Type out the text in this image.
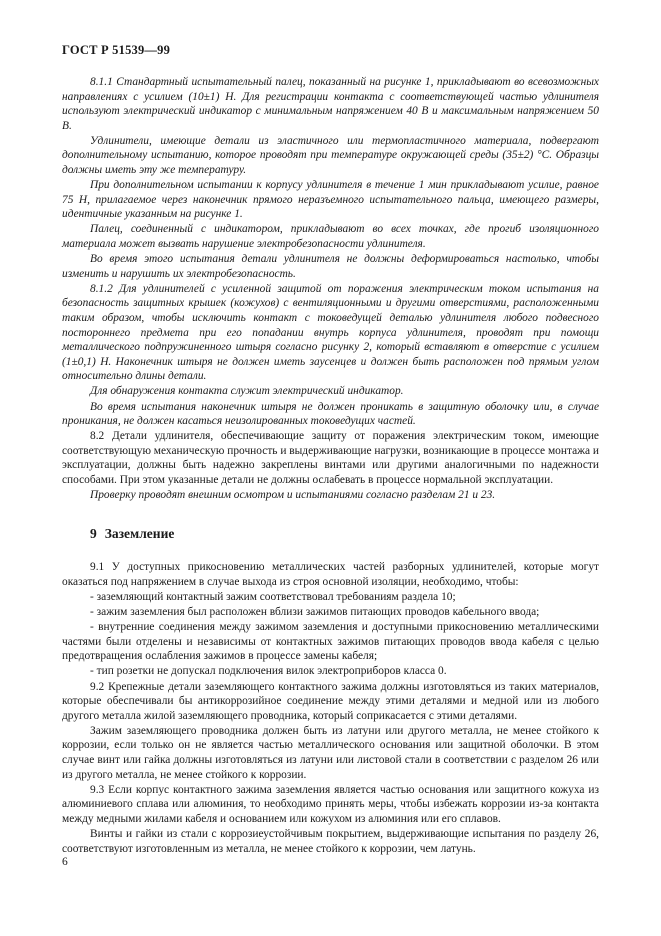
ГОСТ Р 51539—99

8.1.1 Стандартный испытательный палец, показанный на рисунке 1, прикладывают во всевозможных направлениях с усилием (10±1) Н. Для регистрации контакта с соответствующей частью удлинителя используют электрический индикатор с минимальным напряжением 40 В и максимальным напряжением 50 В.

Удлинители, имеющие детали из эластичного или термопластичного материала, подвергают дополнительному испытанию, которое проводят при температуре окружающей среды (35±2) °С. Образцы должны иметь эту же температуру.

При дополнительном испытании к корпусу удлинителя в течение 1 мин прикладывают усилие, равное 75 Н, прилагаемое через наконечник прямого неразъемного испытательного пальца, имеющего размеры, идентичные указанным на рисунке 1.

Палец, соединенный с индикатором, прикладывают во всех точках, где прогиб изоляционного материала может вызвать нарушение электробезопасности удлинителя.

Во время этого испытания детали удлинителя не должны деформироваться настолько, чтобы изменить и нарушить их электробезопасность.

8.1.2 Для удлинителей с усиленной защитой от поражения электрическим током испытания на безопасность защитных крышек (кожухов) с вентиляционными и другими отверстиями, расположенными таким образом, чтобы исключить контакт с токоведущей деталью удлинителя любого подвесного постороннего предмета при его попадании внутрь корпуса удлинителя, проводят при помощи металлического подпружиненного штыря согласно рисунку 2, который вставляют в отверстие с усилием (1±0,1) Н. Наконечник штыря не должен иметь заусенцев и должен быть расположен под прямым углом относительно длины детали.

Для обнаружения контакта служит электрический индикатор.

Во время испытания наконечник штыря не должен проникать в защитную оболочку или, в случае проникания, не должен касаться неизолированных токоведущих частей.

8.2 Детали удлинителя, обеспечивающие защиту от поражения электрическим током, имеющие соответствующую механическую прочность и выдерживающие нагрузки, возникающие в процессе монтажа и эксплуатации, должны быть надежно закреплены винтами или другими аналогичными по надежности способами. При этом указанные детали не должны ослабевать в процессе нормальной эксплуатации.

Проверку проводят внешним осмотром и испытаниями согласно разделам 21 и 23.

9 Заземление

9.1 У доступных прикосновению металлических частей разборных удлинителей, которые могут оказаться под напряжением в случае выхода из строя основной изоляции, необходимо, чтобы:

- заземляющий контактный зажим соответствовал требованиям раздела 10;

- зажим заземления был расположен вблизи зажимов питающих проводов кабельного ввода;

- внутренние соединения между зажимом заземления и доступными прикосновению металлическими частями были отделены и независимы от контактных зажимов питающих проводов ввода кабеля с целью предотвращения ослабления зажимов в процессе замены кабеля;

- тип розетки не допускал подключения вилок электроприборов класса 0.

9.2 Крепежные детали заземляющего контактного зажима должны изготовляться из таких материалов, которые обеспечивали бы антикоррозийное соединение между этими деталями и медной или из любого другого металла жилой заземляющего проводника, который соприкасается с этими деталями.

Зажим заземляющего проводника должен быть из латуни или другого металла, не менее стойкого к коррозии, если только он не является частью металлического основания или защитной оболочки. В этом случае винт или гайка должны изготовляться из латуни или листовой стали в соответствии с разделом 26 или из другого металла, не менее стойкого к коррозии.

9.3 Если корпус контактного зажима заземления является частью основания или защитного кожуха из алюминиевого сплава или алюминия, то необходимо принять меры, чтобы избежать коррозии из-за контакта между медными жилами кабеля и основанием или кожухом из алюминия или его сплавов.

Винты и гайки из стали с коррозиеустойчивым покрытием, выдерживающие испытания по разделу 26, соответствуют изготовленным из металла, не менее стойкого к коррозии, чем латунь.

6
